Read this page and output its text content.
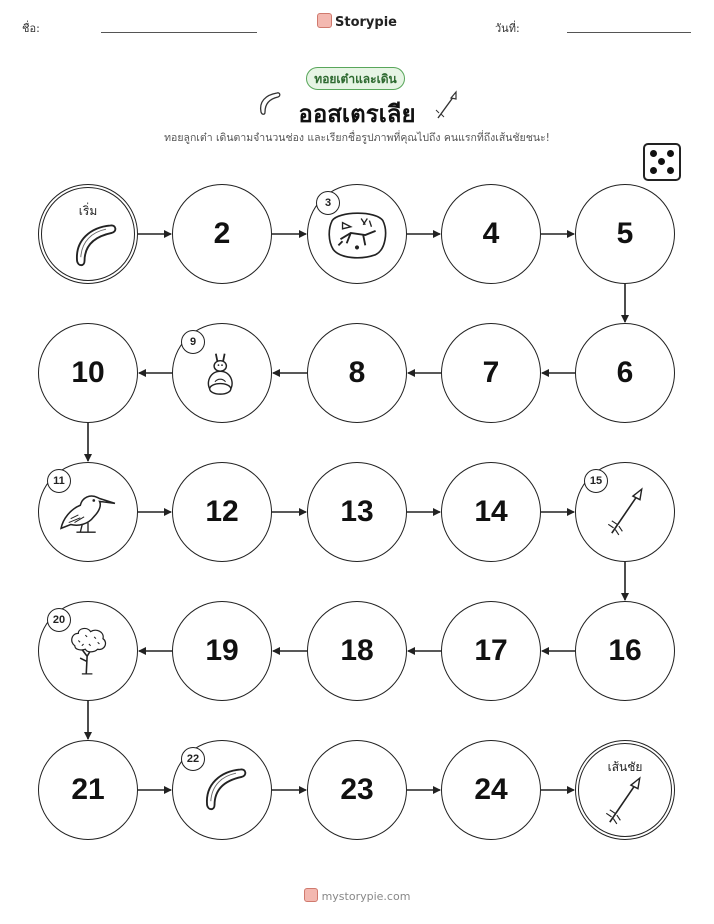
ชื่อ:	Storypie	วันที่:
ทอยเต๋าและเดิน
ออสเตรเลีย
ทอยลูกเต๋า เดินตามจำนวนช่อง และเรียกชื่อรูปภาพที่คุณไปถึง คนแรกที่ถึงเส้นชัยชนะ!
เริ่ม
2
3
4	5
6
7
8
9
10
11
12	13	14
15
16
17
18
19
20
21
22
23	24
เส้นชัย
mystorypie.com
